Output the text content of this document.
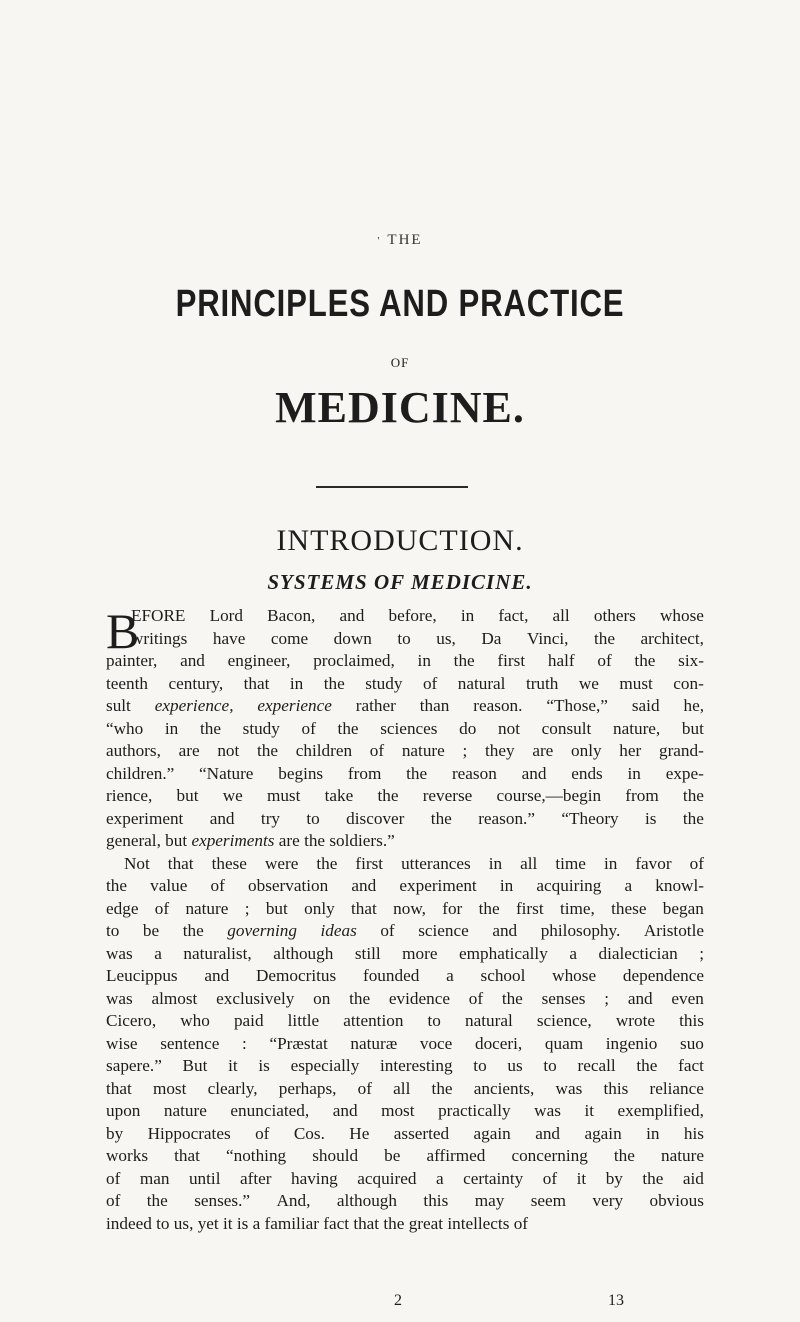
' THE
PRINCIPLES AND PRACTICE
OF
MEDICINE.
INTRODUCTION.
SYSTEMS OF MEDICINE.
B
EFORE Lord Bacon, and before, in fact, all others whose
writings have come down to us, Da Vinci, the architect,
painter, and engineer, proclaimed, in the first half of the six-
teenth century, that in the study of natural truth we must con-
sult experience, experience rather than reason. “Those,” said he,
“who in the study of the sciences do not consult nature, but
authors, are not the children of nature ; they are only her grand-
children.” “Nature begins from the reason and ends in expe-
rience, but we must take the reverse course,—begin from the
experiment and try to discover the reason.” “Theory is the
general, but experiments are the soldiers.”
Not that these were the first utterances in all time in favor of
the value of observation and experiment in acquiring a knowl-
edge of nature ; but only that now, for the first time, these began
to be the governing ideas of science and philosophy. Aristotle
was a naturalist, although still more emphatically a dialectician ;
Leucippus and Democritus founded a school whose dependence
was almost exclusively on the evidence of the senses ; and even
Cicero, who paid little attention to natural science, wrote this
wise sentence : “Præstat naturæ voce doceri, quam ingenio suo
sapere.” But it is especially interesting to us to recall the fact
that most clearly, perhaps, of all the ancients, was this reliance
upon nature enunciated, and most practically was it exemplified,
by Hippocrates of Cos. He asserted again and again in his
works that “nothing should be affirmed concerning the nature
of man until after having acquired a certainty of it by the aid
of the senses.” And, although this may seem very obvious
indeed to us, yet it is a familiar fact that the great intellects of
2	13
